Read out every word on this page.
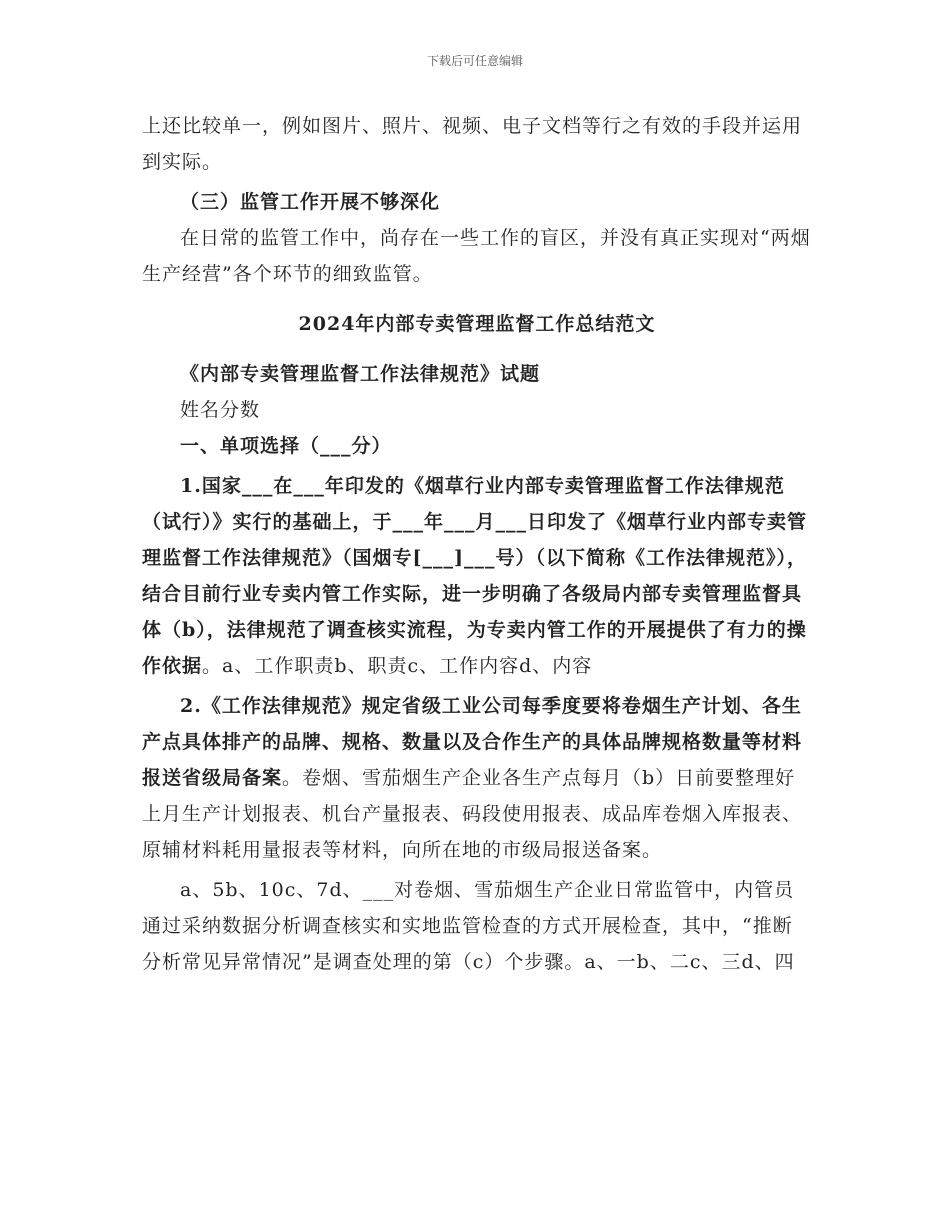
下载后可任意编辑

上还比较单一，例如图片、照片、视频、电子文档等行之有效的手段并运用到实际。

（三）监管工作开展不够深化

在日常的监管工作中，尚存在一些工作的盲区，并没有真正实现对“两烟生产经营”各个环节的细致监管。

2024年内部专卖管理监督工作总结范文

《内部专卖管理监督工作法律规范》试题

姓名分数

一、单项选择（___分）

1.国家___在___年印发的《烟草行业内部专卖管理监督工作法律规范（试行）》实行的基础上，于___年___月___日印发了《烟草行业内部专卖管理监督工作法律规范》（国烟专[___]___号）（以下简称《工作法律规范》），结合目前行业专卖内管工作实际，进一步明确了各级局内部专卖管理监督具体（b），法律规范了调查核实流程，为专卖内管工作的开展提供了有力的操作依据。a、工作职责b、职责c、工作内容d、内容

2.《工作法律规范》规定省级工业公司每季度要将卷烟生产计划、各生产点具体排产的品牌、规格、数量以及合作生产的具体品牌规格数量等材料报送省级局备案。卷烟、雪茄烟生产企业各生产点每月（b）日前要整理好上月生产计划报表、机台产量报表、码段使用报表、成品库卷烟入库报表、原辅材料耗用量报表等材料，向所在地的市级局报送备案。

a、5b、10c、7d、___对卷烟、雪茄烟生产企业日常监管中，内管员通过采纳数据分析调查核实和实地监管检查的方式开展检查，其中，“推断分析常见异常情况”是调查处理的第（c）个步骤。a、一b、二c、三d、四
